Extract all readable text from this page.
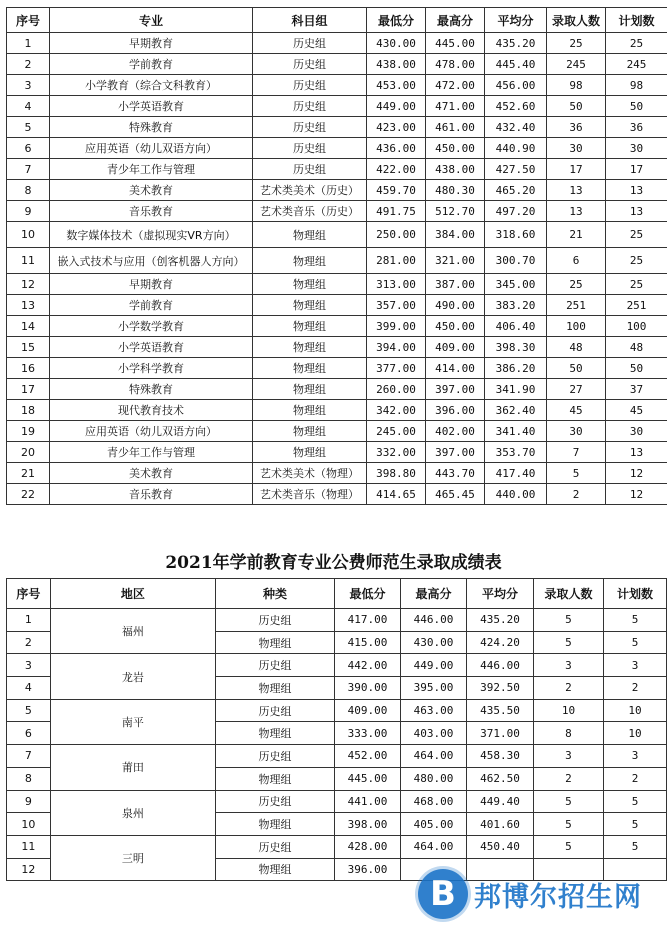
序号	专业	科目组	最低分	最高分	平均分	录取人数	计划数
1	早期教育	历史组	430.00	445.00	435.20	25	25
2	学前教育	历史组	438.00	478.00	445.40	245	245
3	小学教育（综合文科教育）	历史组	453.00	472.00	456.00	98	98
4	小学英语教育	历史组	449.00	471.00	452.60	50	50
5	特殊教育	历史组	423.00	461.00	432.40	36	36
6	应用英语（幼儿双语方向）	历史组	436.00	450.00	440.90	30	30
7	青少年工作与管理	历史组	422.00	438.00	427.50	17	17
8	美术教育	艺术类美术（历史）	459.70	480.30	465.20	13	13
9	音乐教育	艺术类音乐（历史）	491.75	512.70	497.20	13	13
10	数字媒体技术（虚拟现实VR方向）	物理组	250.00	384.00	318.60	21	25
11	嵌入式技术与应用（创客机器人方向）	物理组	281.00	321.00	300.70	6	25
12	早期教育	物理组	313.00	387.00	345.00	25	25
13	学前教育	物理组	357.00	490.00	383.20	251	251
14	小学数学教育	物理组	399.00	450.00	406.40	100	100
15	小学英语教育	物理组	394.00	409.00	398.30	48	48
16	小学科学教育	物理组	377.00	414.00	386.20	50	50
17	特殊教育	物理组	260.00	397.00	341.90	27	37
18	现代教育技术	物理组	342.00	396.00	362.40	45	45
19	应用英语（幼儿双语方向）	物理组	245.00	402.00	341.40	30	30
20	青少年工作与管理	物理组	332.00	397.00	353.70	7	13
21	美术教育	艺术类美术（物理）	398.80	443.70	417.40	5	12
22	音乐教育	艺术类音乐（物理）	414.65	465.45	440.00	2	12
2021年学前教育专业公费师范生录取成绩表
序号	地区	种类	最低分	最高分	平均分	录取人数	计划数
1	福州	历史组	417.00	446.00	435.20	5	5
2		物理组	415.00	430.00	424.20	5	5
3	龙岩	历史组	442.00	449.00	446.00	3	3
4		物理组	390.00	395.00	392.50	2	2
5	南平	历史组	409.00	463.00	435.50	10	10
6		物理组	333.00	403.00	371.00	8	10
7	莆田	历史组	452.00	464.00	458.30	3	3
8		物理组	445.00	480.00	462.50	2	2
9	泉州	历史组	441.00	468.00	449.40	5	5
10		物理组	398.00	405.00	401.60	5	5
11	三明	历史组	428.00	464.00	450.40	5	5
12		物理组	396.00				
B 邦博尔招生网
